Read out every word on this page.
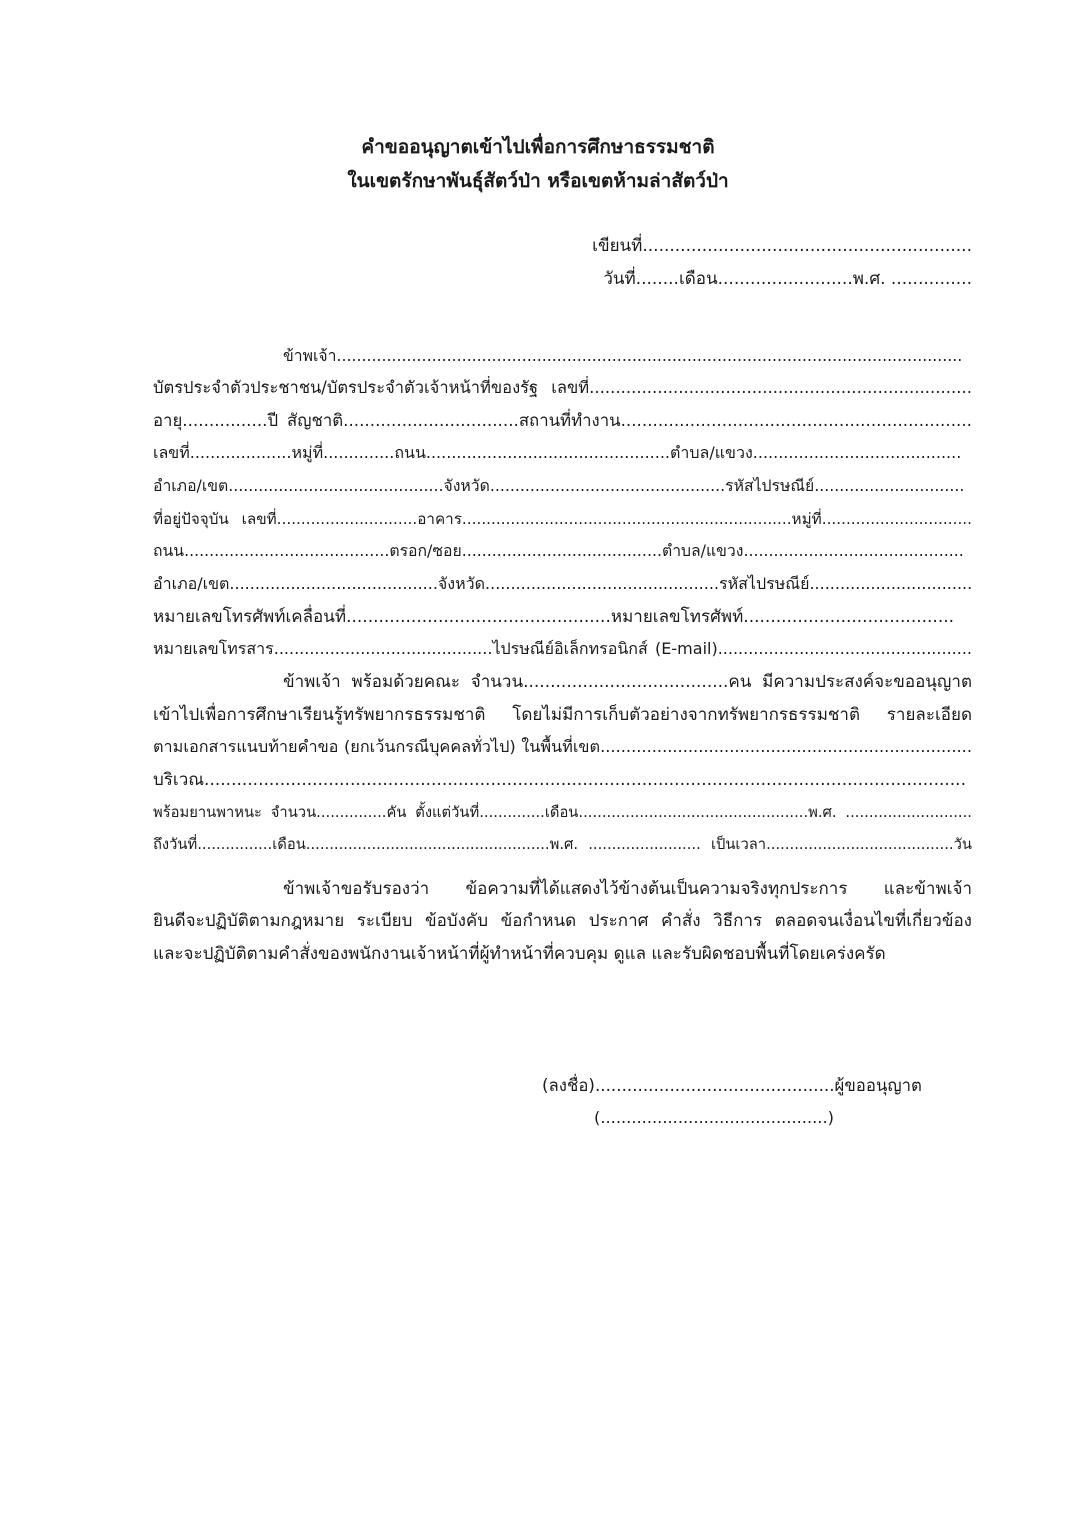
คำขออนุญาตเข้าไปเพื่อการศึกษาธรรมชาติ
ในเขตรักษาพันธุ์สัตว์ป่า หรือเขตห้ามล่าสัตว์ป่า
เขียนที่.............................................................
วันที่........เดือน.........................พ.ศ. ...............
ข้าพเจ้า.............................................................................................................................
บัตรประจำตัวประชาชน/บัตรประจำตัวเจ้าหน้าที่ของรัฐ เลขที่.........................................................................
อายุ................ปี สัญชาติ.................................สถานที่ทำงาน..................................................................
เลขที่....................หมู่ที่..............ถนน................................................ตำบล/แขวง.........................................
อำเภอ/เขต...........................................จังหวัด...............................................รหัสไปรษณีย์..............................
ที่อยู่ปัจจุบัน เลขที่.............................อาคาร....................................................................หมู่ที่...............................
ถนน.........................................ตรอก/ซอย........................................ตำบล/แขวง............................................
อำเภอ/เขต.........................................จังหวัด..............................................รหัสไปรษณีย์................................
หมายเลขโทรศัพท์เคลื่อนที่.................................................หมายเลขโทรศัพท์.......................................
หมายเลขโทรสาร...........................................ไปรษณีย์อิเล็กทรอนิกส์ (E-mail)..................................................
ข้าพเจ้า พร้อมด้วยคณะ จำนวน......................................คน มีความประสงค์จะขออนุญาต
เข้าไปเพื่อการศึกษาเรียนรู้ทรัพยากรธรรมชาติ โดยไม่มีการเก็บตัวอย่างจากทรัพยากรธรรมชาติ รายละเอียด
ตามเอกสารแนบท้ายคำขอ (ยกเว้นกรณีบุคคลทั่วไป) ในพื้นที่เขต........................................................................
บริเวณ.............................................................................................................................................
พร้อมยานพาหนะ จำนวน...............คัน ตั้งแต่วันที่..............เดือน.................................................พ.ศ. ...........................
ถึงวันที่................เดือน....................................................พ.ศ. ........................ เป็นเวลา........................................วัน
ข้าพเจ้าขอรับรองว่า ข้อความที่ได้แสดงไว้ข้างต้นเป็นความจริงทุกประการ และข้าพเจ้า
ยินดีจะปฏิบัติตามกฎหมาย ระเบียบ ข้อบังคับ ข้อกำหนด ประกาศ คำสั่ง วิธีการ ตลอดจนเงื่อนไขที่เกี่ยวข้อง
และจะปฏิบัติตามคำสั่งของพนักงานเจ้าหน้าที่ผู้ทำหน้าที่ควบคุม ดูแล และรับผิดชอบพื้นที่โดยเคร่งครัด
(ลงชื่อ).............................................ผู้ขออนุญาต
(............................................)
